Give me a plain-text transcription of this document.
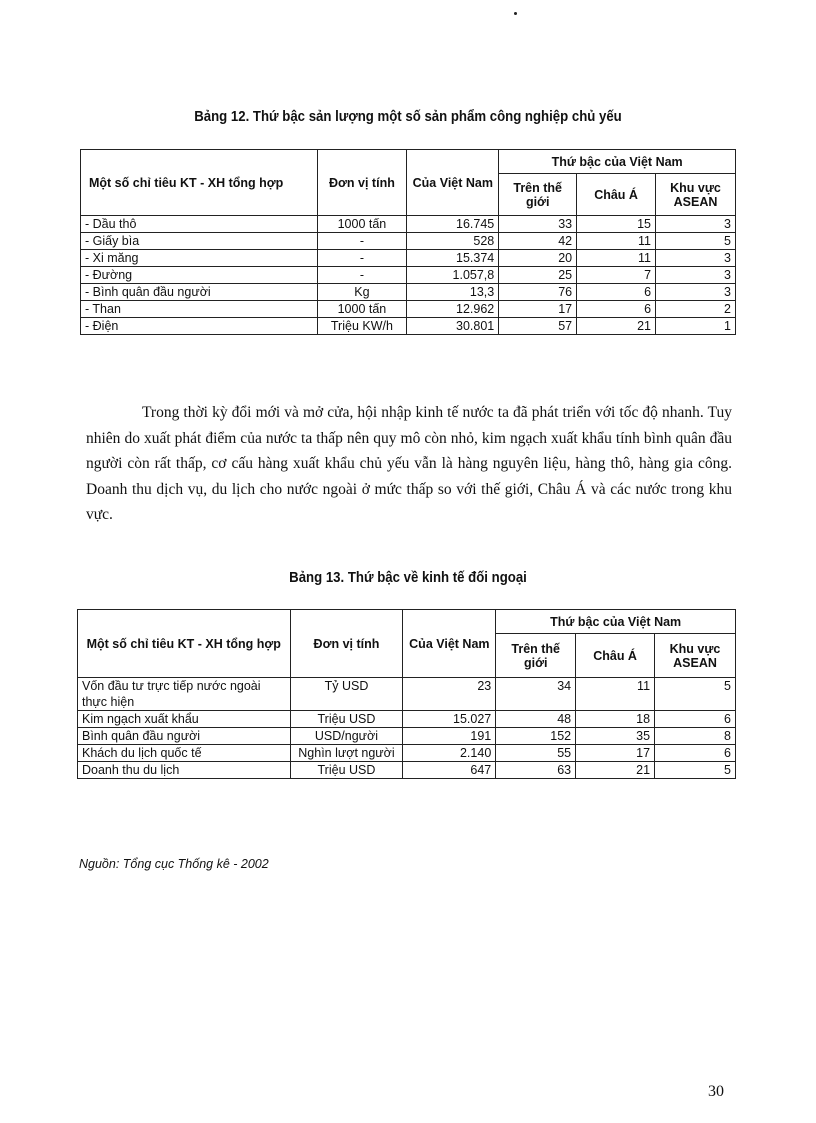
Bảng 12. Thứ bậc sản lượng một số sản phẩm công nghiệp chủ yếu
Một số chỉ tiêu KT - XH tổng hợp	Đơn vị tính	Của Việt Nam	Thứ bậc của Việt Nam		
			Trên thế giới	Châu Á	Khu vực ASEAN
- Dầu thô	1000 tấn	16.745	33	15	3
- Giấy bìa	-	528	42	11	5
- Xi măng	-	15.374	20	11	3
- Đường	-	1.057,8	25	7	3
- Bình quân đầu người	Kg	13,3	76	6	3
- Than	1000 tấn	12.962	17	6	2
- Điện	Triệu KW/h	30.801	57	21	1

Trong thời kỳ đổi mới và mở cửa, hội nhập kinh tế nước ta đã phát triển với tốc độ nhanh. Tuy nhiên do xuất phát điểm của nước ta thấp nên quy mô còn nhỏ, kim ngạch xuất khẩu tính bình quân đầu người còn rất thấp, cơ cấu hàng xuất khẩu chủ yếu vẫn là hàng nguyên liệu, hàng thô, hàng gia công. Doanh thu dịch vụ, du lịch cho nước ngoài ở mức thấp so với thế giới, Châu Á và các nước trong khu vực.

Bảng 13. Thứ bậc về kinh tế đối ngoại
Một số chỉ tiêu KT - XH tổng hợp	Đơn vị tính	Của Việt Nam	Thứ bậc của Việt Nam		
			Trên thế giới	Châu Á	Khu vực ASEAN
Vốn đầu tư trực tiếp nước ngoài thực hiện	Tỷ USD	23	34	11	5
Kim ngạch xuất khẩu	Triệu USD	15.027	48	18	6
Bình quân đầu người	USD/người	191	152	35	8
Khách du lịch quốc tế	Nghìn lượt người	2.140	55	17	6
Doanh thu du lịch	Triệu USD	647	63	21	5
Nguồn: Tổng cục Thống kê - 2002
30
